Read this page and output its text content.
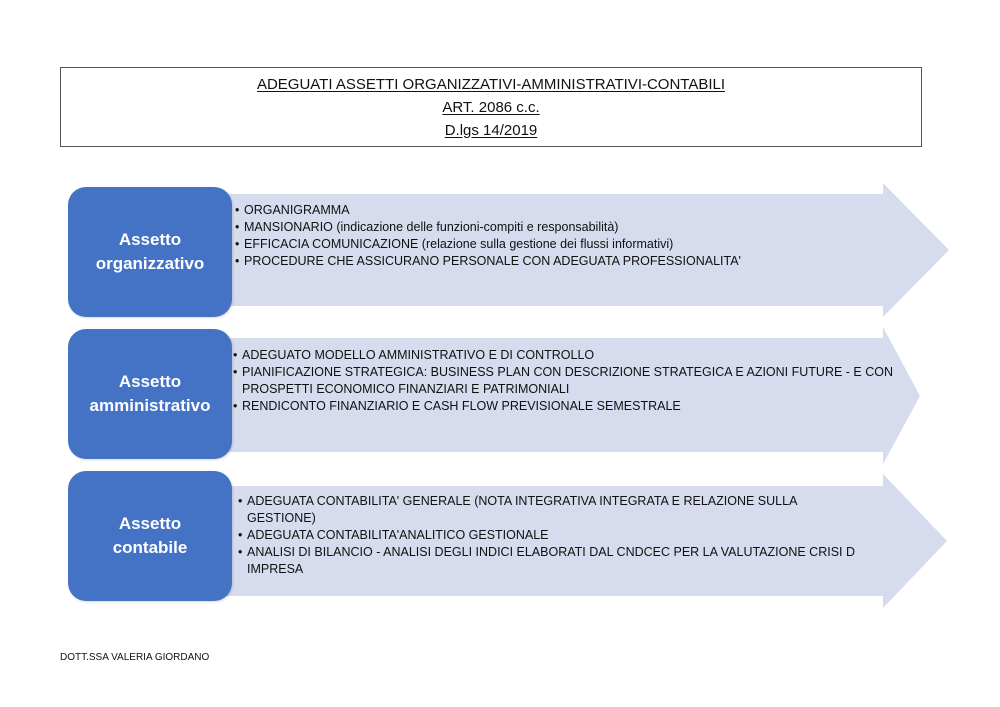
ADEGUATI ASSETTI ORGANIZZATIVI-AMMINISTRATIVI-CONTABILI
ART. 2086 c.c.
D.lgs 14/2019
Assetto
organizzativo
• ORGANIGRAMMA
• MANSIONARIO (indicazione delle funzioni-compiti e responsabilità)
• EFFICACIA COMUNICAZIONE (relazione sulla gestione dei flussi informativi)
• PROCEDURE CHE ASSICURANO PERSONALE CON ADEGUATA PROFESSIONALITA'
Assetto
amministrativo
• ADEGUATO MODELLO AMMINISTRATIVO E DI CONTROLLO
• PIANIFICAZIONE STRATEGICA: BUSINESS PLAN CON DESCRIZIONE STRATEGICA E AZIONI FUTURE - E CON PROSPETTI ECONOMICO FINANZIARI E PATRIMONIALI
• RENDICONTO FINANZIARIO E CASH FLOW PREVISIONALE SEMESTRALE
Assetto
contabile
• ADEGUATA CONTABILITA' GENERALE (NOTA INTEGRATIVA INTEGRATA E RELAZIONE SULLA GESTIONE)
• ADEGUATA CONTABILITA'ANALITICO GESTIONALE
• ANALISI DI BILANCIO - ANALISI DEGLI INDICI ELABORATI DAL CNDCEC PER LA VALUTAZIONE CRISI D IMPRESA
DOTT.SSA VALERIA GIORDANO
